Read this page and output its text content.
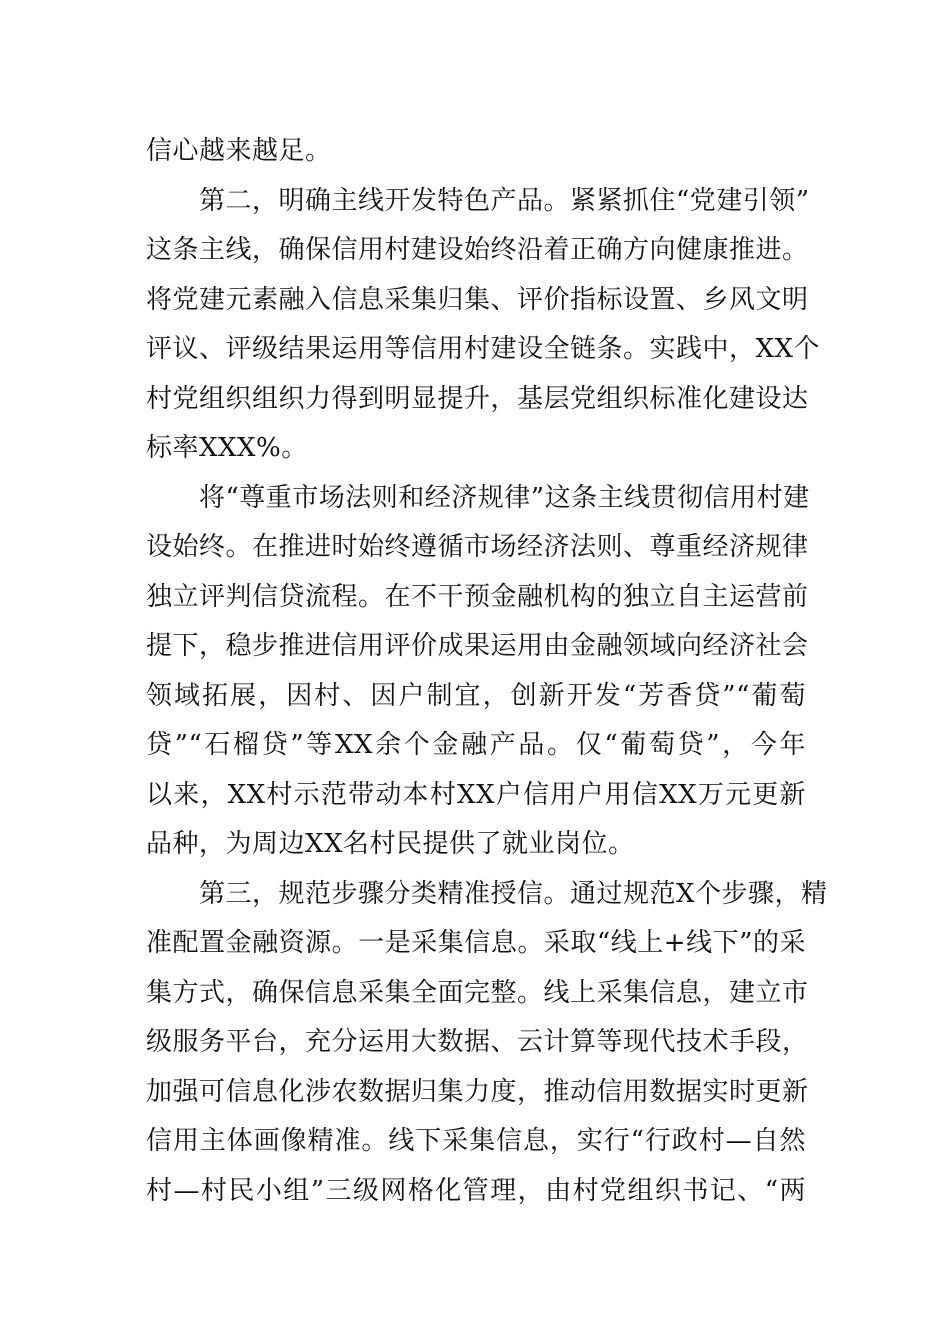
信心越来越足。
　　第二，明确主线开发特色产品。紧紧抓住“党建引领”
这条主线，确保信用村建设始终沿着正确方向健康推进。
将党建元素融入信息采集归集、评价指标设置、乡风文明
评议、评级结果运用等信用村建设全链条。实践中，XX个
村党组织组织力得到明显提升，基层党组织标准化建设达
标率XXX%。
　　将“尊重市场法则和经济规律”这条主线贯彻信用村建
设始终。在推进时始终遵循市场经济法则、尊重经济规律
独立评判信贷流程。在不干预金融机构的独立自主运营前
提下，稳步推进信用评价成果运用由金融领域向经济社会
领域拓展，因村、因户制宜，创新开发“芳香贷”“葡萄
贷”“石榴贷”等XX余个金融产品。仅“葡萄贷”，今年
以来，XX村示范带动本村XX户信用户用信XX万元更新
品种，为周边XX名村民提供了就业岗位。
　　第三，规范步骤分类精准授信。通过规范X个步骤，精
准配置金融资源。一是采集信息。采取“线上+线下”的采
集方式，确保信息采集全面完整。线上采集信息，建立市
级服务平台，充分运用大数据、云计算等现代技术手段，
加强可信息化涉农数据归集力度，推动信用数据实时更新
信用主体画像精准。线下采集信息，实行“行政村—自然
村—村民小组”三级网格化管理，由村党组织书记、“两
